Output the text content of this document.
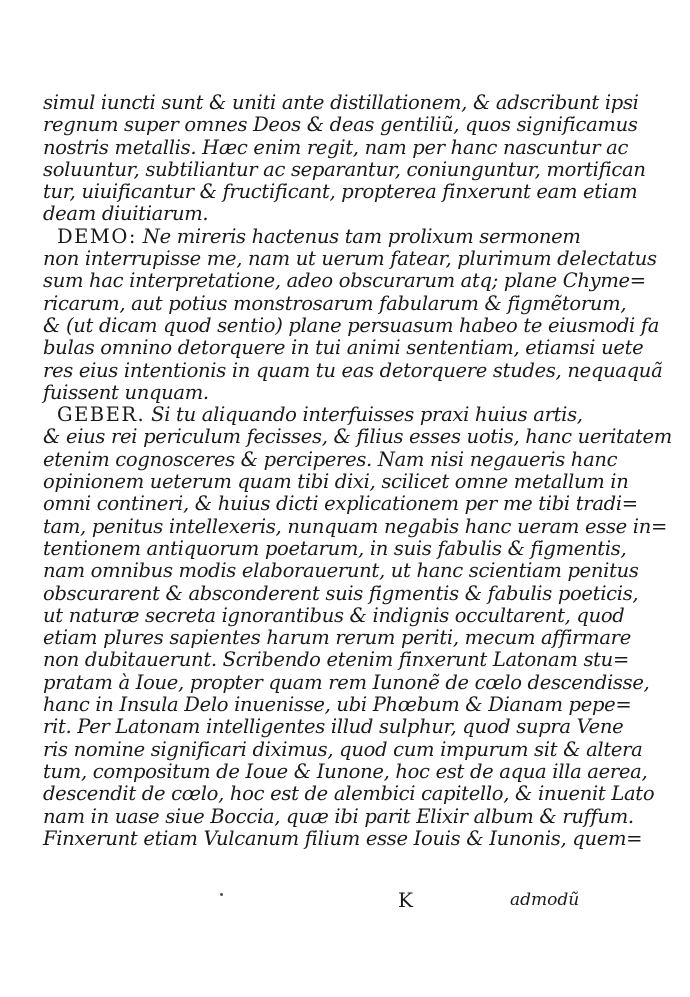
simul iuncti sunt & uniti ante distillationem, & adscribunt ipsi
regnum super omnes Deos & deas gentiliũ, quos significamus
nostris metallis. Hæc enim regit, nam per hanc nascuntur ac
soluuntur, subtiliantur ac separantur, coniunguntur, mortifican
tur, uiuificantur & fructificant, propterea finxerunt eam etiam
deam diuitiarum.
DEMO: Ne mireris hactenus tam prolixum sermonem
non interrupisse me, nam ut uerum fatear, plurimum delectatus
sum hac interpretatione, adeo obscurarum atq; plane Chyme=
ricarum, aut potius monstrosarum fabularum & figmẽtorum,
& (ut dicam quod sentio) plane persuasum habeo te eiusmodi fa
bulas omnino detorquere in tui animi sententiam, etiamsi uete
res eius intentionis in quam tu eas detorquere studes, nequaquã
fuissent unquam.
GEBER. Si tu aliquando interfuisses praxi huius artis,
& eius rei periculum fecisses, & filius esses uotis, hanc ueritatem
etenim cognosceres & perciperes. Nam nisi negaueris hanc
opinionem ueterum quam tibi dixi, scilicet omne metallum in
omni contineri, & huius dicti explicationem per me tibi tradi=
tam, penitus intellexeris, nunquam negabis hanc ueram esse in=
tentionem antiquorum poetarum, in suis fabulis & figmentis,
nam omnibus modis elaborauerunt, ut hanc scientiam penitus
obscurarent & absconderent suis figmentis & fabulis poeticis,
ut naturæ secreta ignorantibus & indignis occultarent, quod
etiam plures sapientes harum rerum periti, mecum affirmare
non dubitauerunt. Scribendo etenim finxerunt Latonam stu=
pratam à Ioue, propter quam rem Iunonẽ de cœlo descendisse,
hanc in Insula Delo inuenisse, ubi Phœbum & Dianam pepe=
rit. Per Latonam intelligentes illud sulphur, quod supra Vene
ris nomine significari diximus, quod cum impurum sit & altera
tum, compositum de Ioue & Iunone, hoc est de aqua illa aerea,
descendit de cœlo, hoc est de alembici capitello, & inuenit Lato
nam in uase siue Boccia, quæ ibi parit Elixir album & ruffum.
Finxerunt etiam Vulcanum filium esse Iouis & Iunonis, quem=
K	admodũ
